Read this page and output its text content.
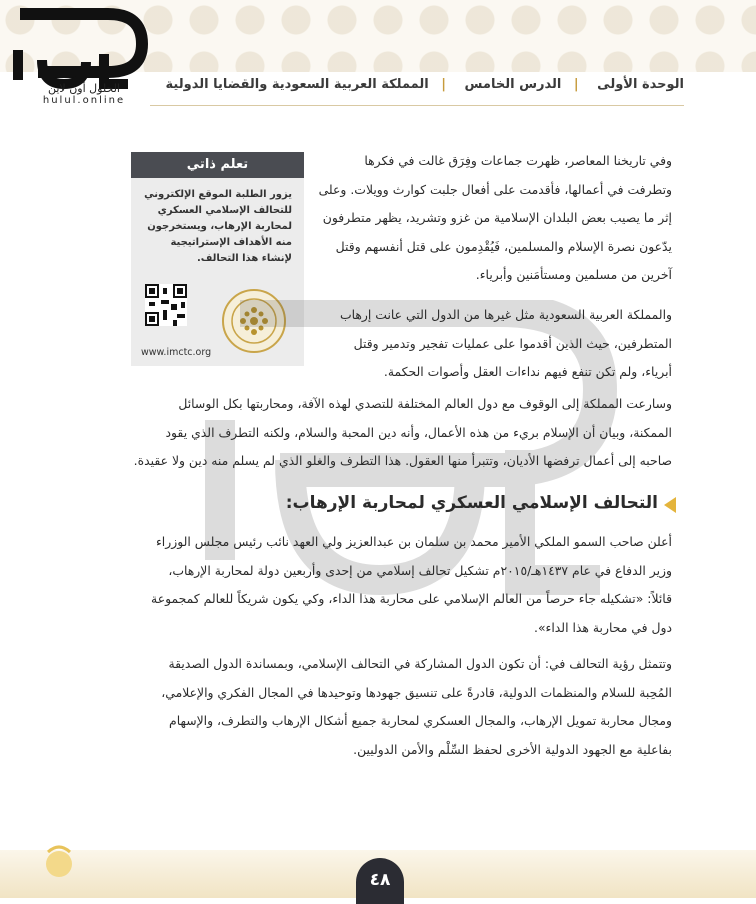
الحلول أون لاين
hulul.online
الوحدة الأولى | الدرس الخامس | المملكة العربية السعودية والقضايا الدولية
تعلم ذاتي
يزور الطلبة الموقع الإلكتروني للتحالف الإسلامي العسكري لمحاربة الإرهاب، ويستخرجون منه الأهداف الإستراتيجية لإنشاء هذا التحالف.
www.imctc.org
وفي تاريخنا المعاصر، ظهرت جماعات وفِرَق غالت في فكرها
وتطرفت في أعمالها، فأقدمت على أفعال جلبت كوارث وويلات. وعلى
إثر ما يصيب بعض البلدان الإسلامية من غزو وتشريد، يظهر متطرفون
يدّعون نصرة الإسلام والمسلمين، فَيُقْدِمون على قتل أنفسهم وقتل
آخرين من مسلمين ومستأمَنين وأبرياء.
والمملكة العربية السعودية مثل غيرها من الدول التي عانت إرهاب
المتطرفين، حيث الذين أقدموا على عمليات تفجير وتدمير وقتل
أبرياء، ولم تكن تنفع فيهم نداءات العقل وأصوات الحكمة.
وسارعت المملكة إلى الوقوف مع دول العالم المختلفة للتصدي لهذه الآفة، ومحاربتها بكل الوسائل
الممكنة، وبيان أن الإسلام بريء من هذه الأعمال، وأنه دين المحبة والسلام، ولكنه التطرف الذي يقود
صاحبه إلى أعمال ترفضها الأديان، وتتبرأ منها العقول. هذا التطرف والغلو الذي لم يسلم منه دين ولا عقيدة.
التحالف الإسلامي العسكري لمحاربة الإرهاب:
أعلن صاحب السمو الملكي الأمير محمد بن سلمان بن عبدالعزيز ولي العهد نائب رئيس مجلس الوزراء
وزير الدفاع في عام ١٤٣٧هـ/٢٠١٥م تشكيل تحالف إسلامي من إحدى وأربعين دولة لمحاربة الإرهاب،
قائلاً: «تشكيله جاء حرصاً من العالم الإسلامي على محاربة هذا الداء، وكي يكون شريكاً للعالم كمجموعة
دول في محاربة هذا الداء».
وتتمثل رؤية التحالف في: أن تكون الدول المشاركة في التحالف الإسلامي، وبمساندة الدول الصديقة
المُحِبة للسلام والمنظمات الدولية، قادرةً على تنسيق جهودها وتوحيدها في المجال الفكري والإعلامي،
ومجال محاربة تمويل الإرهاب، والمجال العسكري لمحاربة جميع أشكال الإرهاب والتطرف، والإسهام
بفاعلية مع الجهود الدولية الأخرى لحفظ السِّلْم والأمن الدوليين.
٤٨
